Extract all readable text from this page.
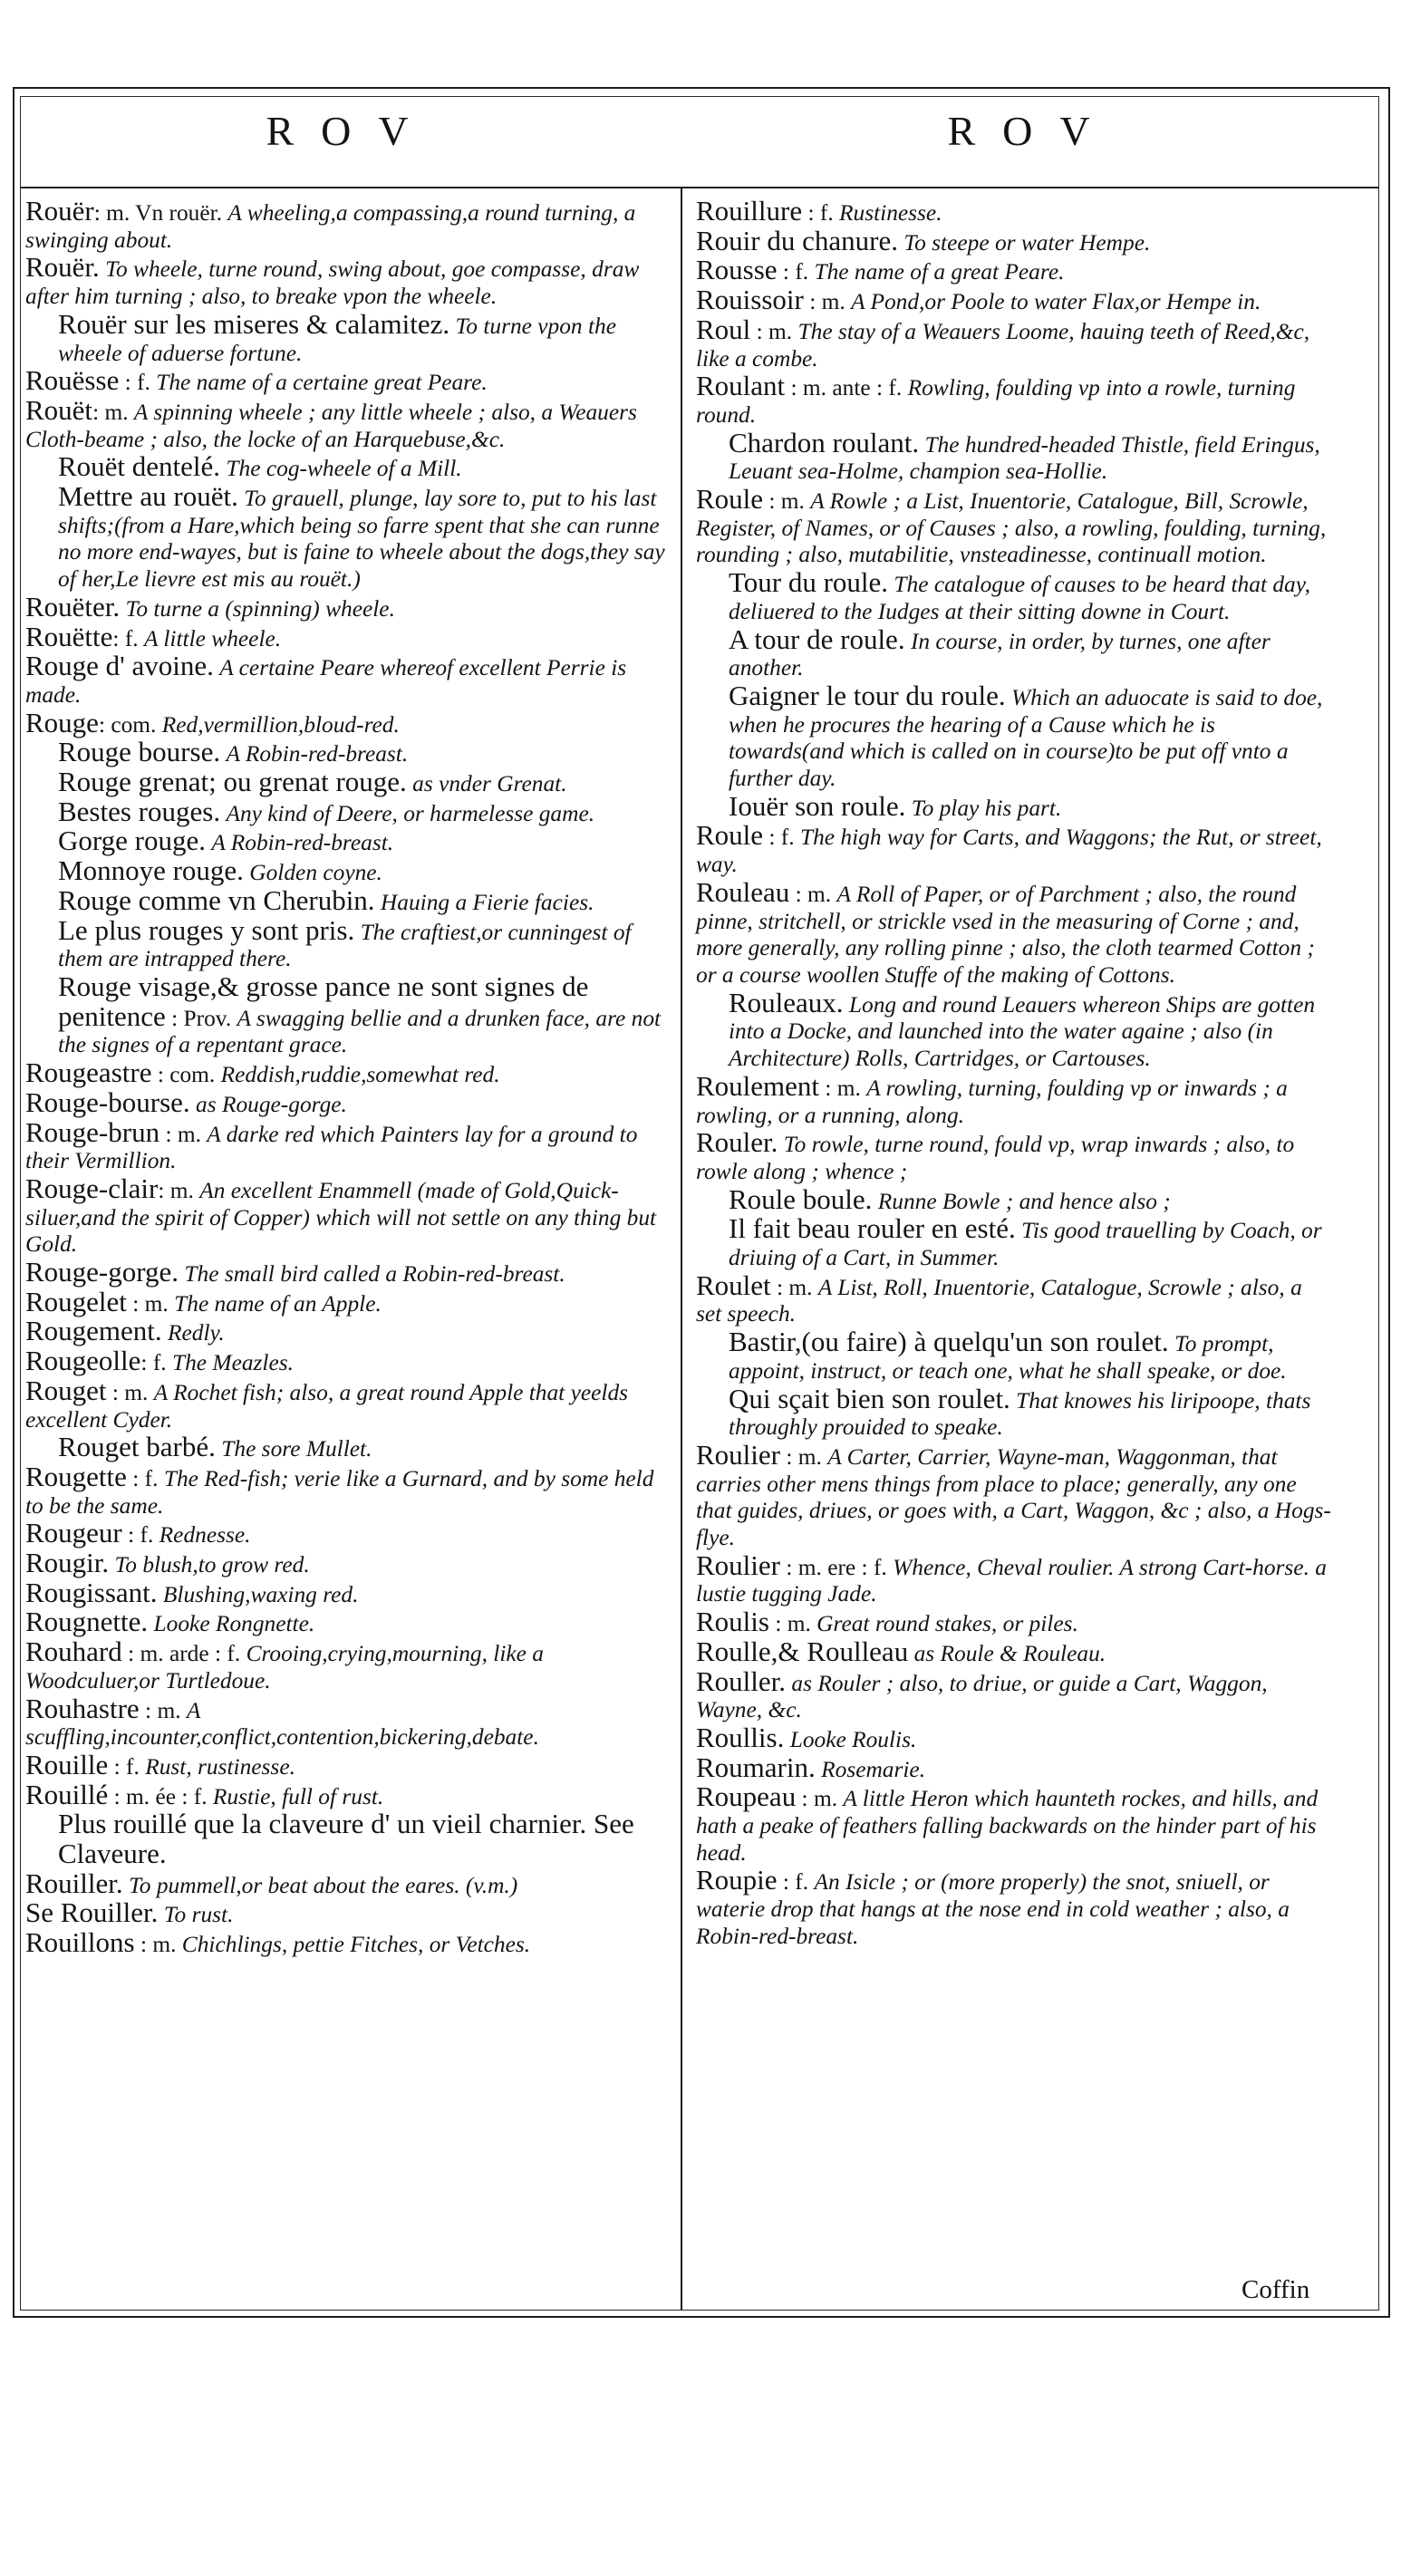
ROV	ROV

Rouër: m. Vn rouër. A wheeling,a compassing,a round turning, a swinging about.

Rouër. To wheele, turne round, swing about, goe compasse, draw after him turning ; also, to breake vpon the wheele.

Rouër sur les miseres & calamitez. To turne vpon the wheele of aduerse fortune.

Rouësse : f. The name of a certaine great Peare.

Rouët: m. A spinning wheele ; any little wheele ; also, a Weauers Cloth-beame ; also, the locke of an Harquebuse,&c.

Rouët dentelé. The cog-wheele of a Mill.

Mettre au rouët. To grauell, plunge, lay sore to, put to his last shifts;(from a Hare,which being so farre spent that she can runne no more end-wayes, but is faine to wheele about the dogs,they say of her,Le lievre est mis au rouët.)

Rouëter. To turne a (spinning) wheele.

Rouëtte: f. A little wheele.

Rouge d' avoine. A certaine Peare whereof excellent Perrie is made.

Rouge: com. Red,vermillion,bloud-red.

Rouge bourse. A Robin-red-breast.

Rouge grenat; ou grenat rouge. as vnder Grenat.

Bestes rouges. Any kind of Deere, or harmelesse game.

Gorge rouge. A Robin-red-breast.

Monnoye rouge. Golden coyne.

Rouge comme vn Cherubin. Hauing a Fierie facies.

Le plus rouges y sont pris. The craftiest,or cunningest of them are intrapped there.

Rouge visage,& grosse pance ne sont signes de penitence : Prov. A swagging bellie and a drunken face, are not the signes of a repentant grace.

Rougeastre : com. Reddish,ruddie,somewhat red.

Rouge-bourse. as Rouge-gorge.

Rouge-brun : m. A darke red which Painters lay for a ground to their Vermillion.

Rouge-clair: m. An excellent Enammell (made of Gold,Quick-siluer,and the spirit of Copper) which will not settle on any thing but Gold.

Rouge-gorge. The small bird called a Robin-red-breast.

Rougelet : m. The name of an Apple.

Rougement. Redly.

Rougeolle: f. The Meazles.

Rouget : m. A Rochet fish; also, a great round Apple that yeelds excellent Cyder.

Rouget barbé. The sore Mullet.

Rougette : f. The Red-fish; verie like a Gurnard, and by some held to be the same.

Rougeur : f. Rednesse.

Rougir. To blush,to grow red.

Rougissant. Blushing,waxing red.

Rougnette. Looke Rongnette.

Rouhard : m. arde : f. Crooing,crying,mourning, like a Woodculuer,or Turtledoue.

Rouhastre : m. A scuffling,incounter,conflict,contention,bickering,debate.

Rouille : f. Rust, rustinesse.

Rouillé : m. ée : f. Rustie, full of rust.

Plus rouillé que la claveure d' un vieil charnier. See Claveure.

Rouiller. To pummell,or beat about the eares. (v.m.)

Se Rouiller. To rust.

Rouillons : m. Chichlings, pettie Fitches, or Vetches.

Rouillure : f. Rustinesse.

Rouir du chanure. To steepe or water Hempe.

Rousse : f. The name of a great Peare.

Rouissoir : m. A Pond,or Poole to water Flax,or Hempe in.

Roul : m. The stay of a Weauers Loome, hauing teeth of Reed,&c, like a combe.

Roulant : m. ante : f. Rowling, foulding vp into a rowle, turning round.

Chardon roulant. The hundred-headed Thistle, field Eringus, Leuant sea-Holme, champion sea-Hollie.

Roule : m. A Rowle ; a List, Inuentorie, Catalogue, Bill, Scrowle, Register, of Names, or of Causes ; also, a rowling, foulding, turning, rounding ; also, mutabilitie, vnsteadinesse, continuall motion.

Tour du roule. The catalogue of causes to be heard that day, deliuered to the Iudges at their sitting downe in Court.

A tour de roule. In course, in order, by turnes, one after another.

Gaigner le tour du roule. Which an aduocate is said to doe, when he procures the hearing of a Cause which he is towards(and which is called on in course)to be put off vnto a further day.

Iouër son roule. To play his part.

Roule : f. The high way for Carts, and Waggons; the Rut, or street, way.

Rouleau : m. A Roll of Paper, or of Parchment ; also, the round pinne, stritchell, or strickle vsed in the measuring of Corne ; and, more generally, any rolling pinne ; also, the cloth tearmed Cotton ; or a course woollen Stuffe of the making of Cottons.

Rouleaux. Long and round Leauers whereon Ships are gotten into a Docke, and launched into the water againe ; also (in Architecture) Rolls, Cartridges, or Cartouses.

Roulement : m. A rowling, turning, foulding vp or inwards ; a rowling, or a running, along.

Rouler. To rowle, turne round, fould vp, wrap inwards ; also, to rowle along ; whence ;

Roule boule. Runne Bowle ; and hence also ;

Il fait beau rouler en esté. Tis good trauelling by Coach, or driuing of a Cart, in Summer.

Roulet : m. A List, Roll, Inuentorie, Catalogue, Scrowle ; also, a set speech.

Bastir,(ou faire) à quelqu'un son roulet. To prompt, appoint, instruct, or teach one, what he shall speake, or doe.

Qui sçait bien son roulet. That knowes his liripoope, thats throughly prouided to speake.

Roulier : m. A Carter, Carrier, Wayne-man, Waggonman, that carries other mens things from place to place; generally, any one that guides, driues, or goes with, a Cart, Waggon, &c ; also, a Hogs-flye.

Roulier : m. ere : f. Whence, Cheval roulier. A strong Cart-horse. a lustie tugging Jade.

Roulis : m. Great round stakes, or piles.

Roulle,& Roulleau as Roule & Rouleau.

Rouller. as Rouler ; also, to driue, or guide a Cart, Waggon, Wayne, &c.

Roullis. Looke Roulis.

Roumarin. Rosemarie.

Roupeau : m. A little Heron which haunteth rockes, and hills, and hath a peake of feathers falling backwards on the hinder part of his head.

Roupie : f. An Isicle ; or (more properly) the snot, sniuell, or waterie drop that hangs at the nose end in cold weather ; also, a Robin-red-breast.

Coffin
